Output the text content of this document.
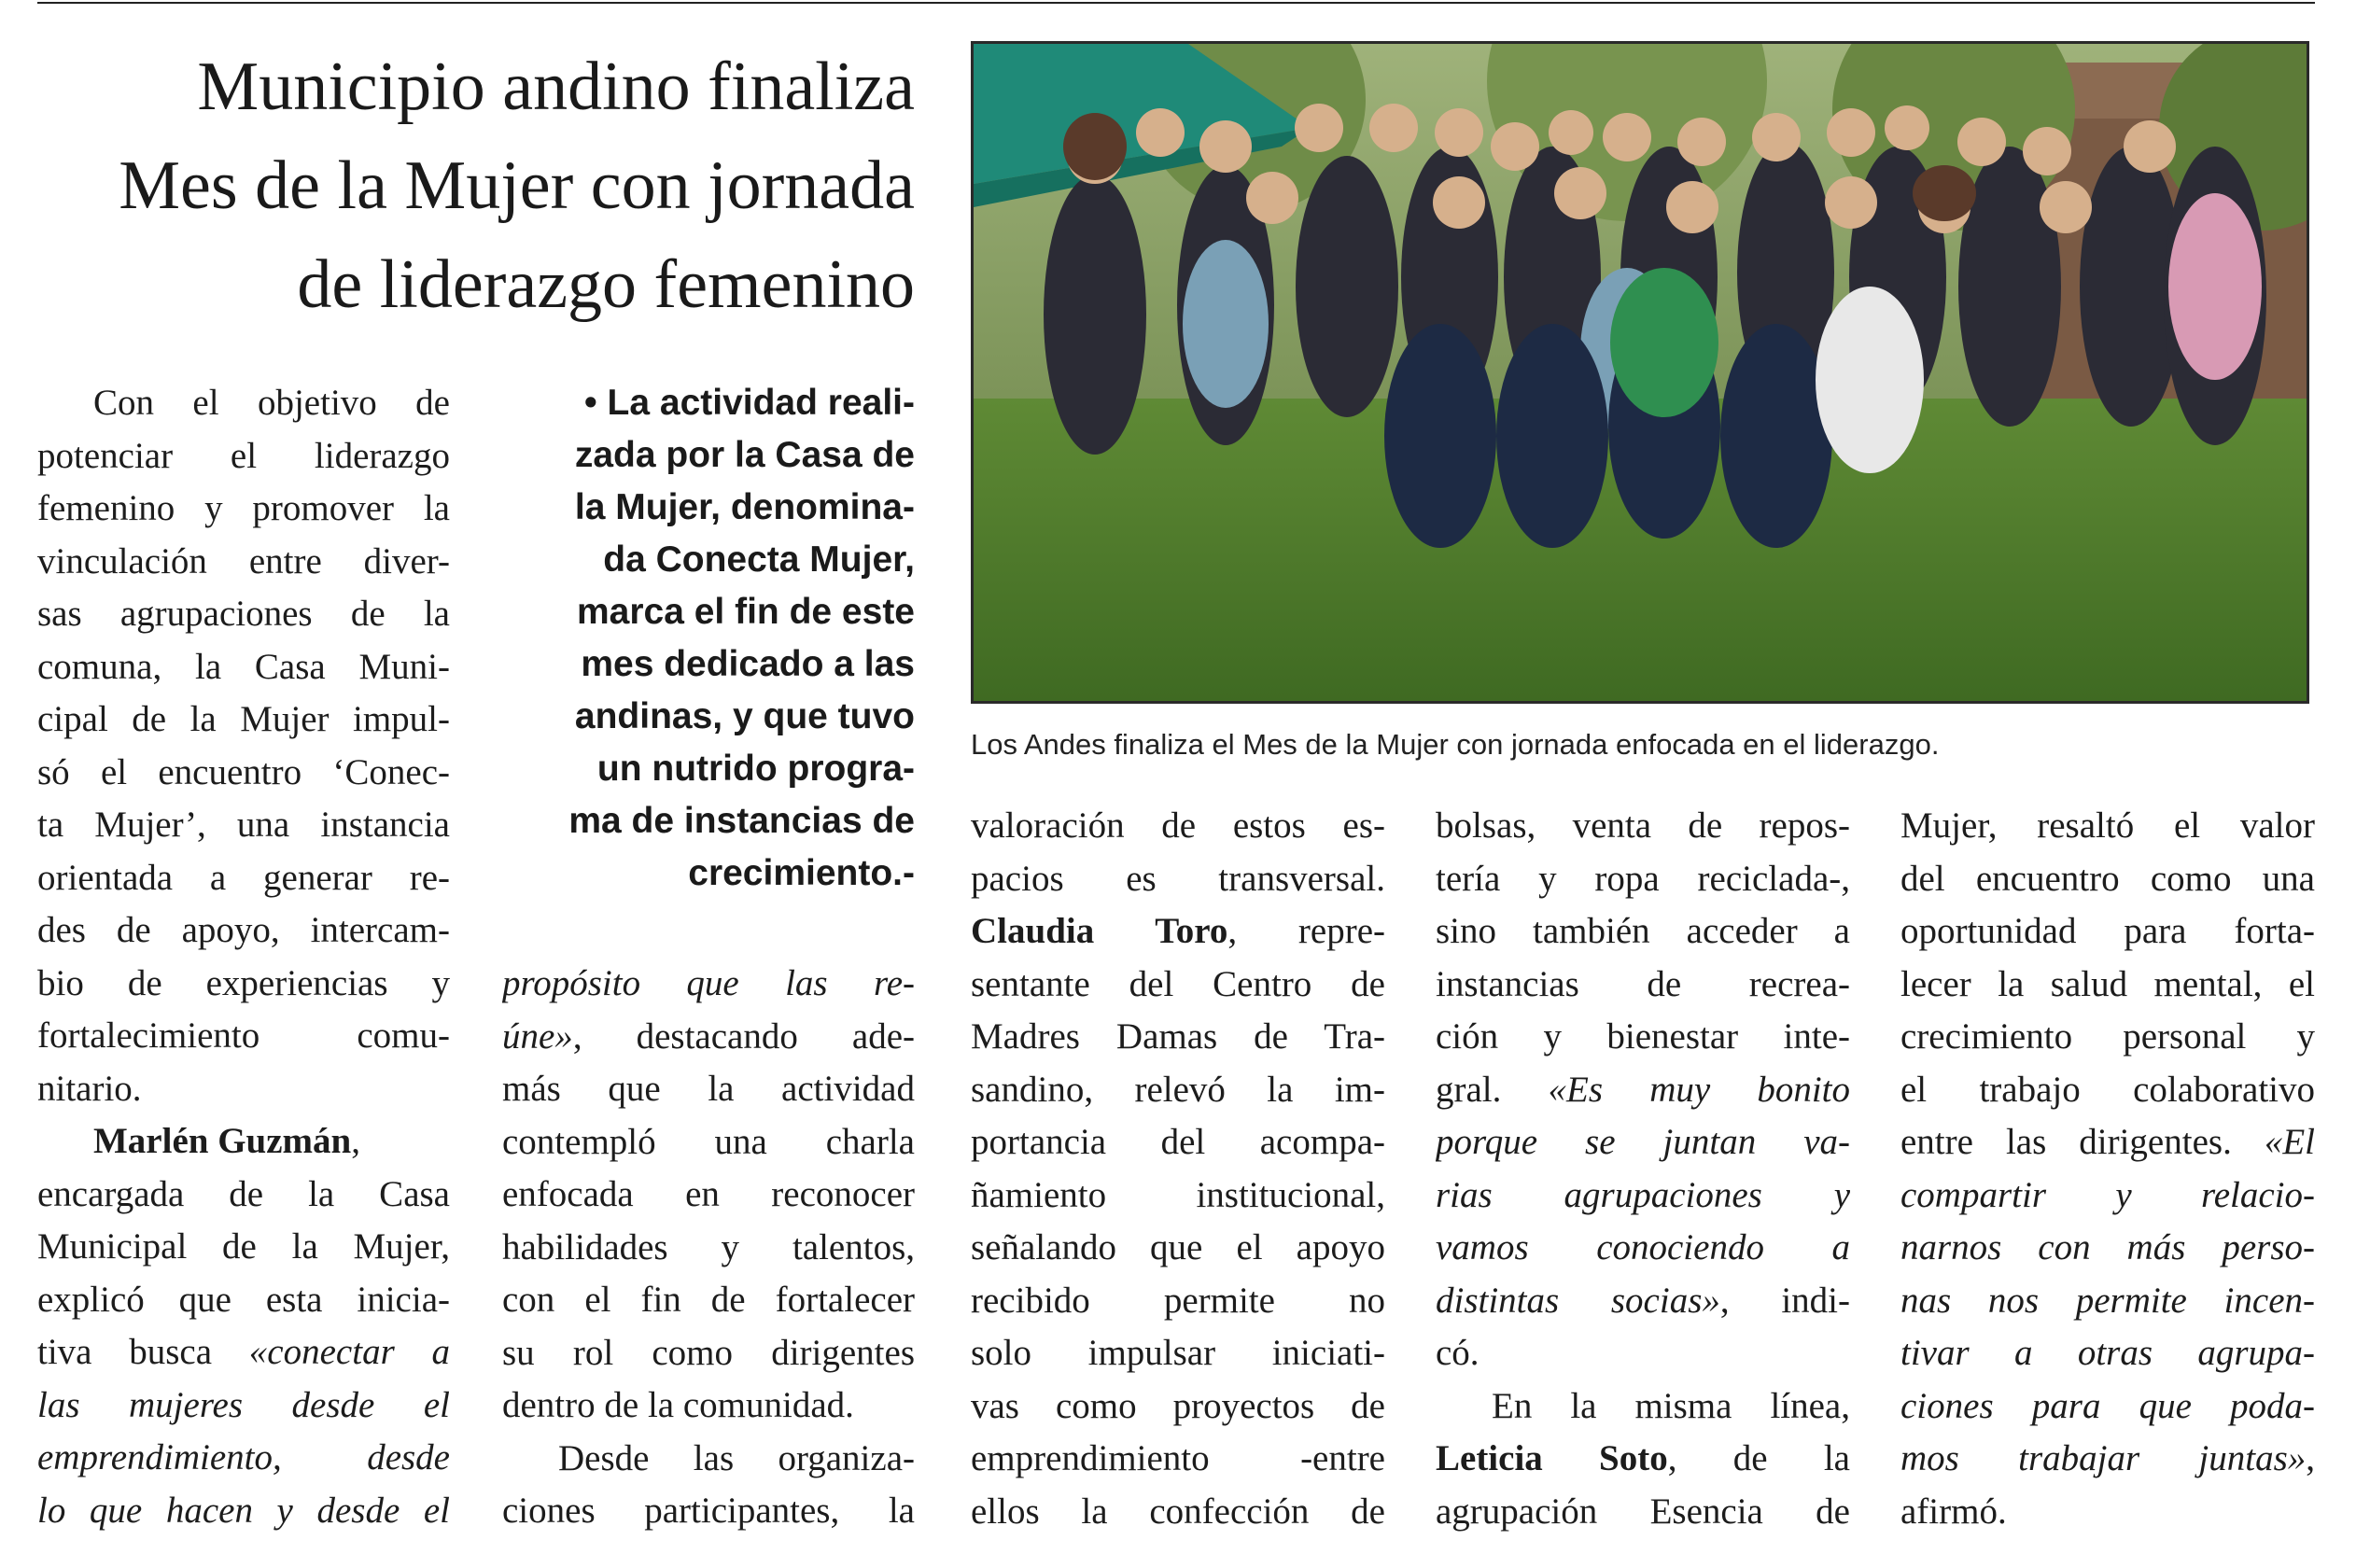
Municipio andino finaliza
Mes de la Mujer con jornada
de liderazgo femenino
Los Andes finaliza el Mes de la Mujer con jornada enfocada en el liderazgo.
Con el objetivo de
potenciar el liderazgo
femenino y promover la
vinculación entre diver-
sas agrupaciones de la
comuna, la Casa Muni-
cipal de la Mujer impul-
só el encuentro ‘Conec-
ta Mujer’, una instancia
orientada a generar re-
des de apoyo, intercam-
bio de experiencias y
fortalecimiento comu-
nitario.
Marlén Guzmán,
encargada de la Casa
Municipal de la Mujer,
explicó que esta inicia-
tiva busca «conectar a
las mujeres desde el
emprendimiento, desde
lo que hacen y desde el
• La actividad reali-
zada por la Casa de
la Mujer, denomina-
da Conecta Mujer,
marca el fin de este
mes dedicado a las
andinas, y que tuvo
un nutrido progra-
ma de instancias de
crecimiento.-
propósito que las re-
úne», destacando ade-
más que la actividad
contempló una charla
enfocada en reconocer
habilidades y talentos,
con el fin de fortalecer
su rol como dirigentes
dentro de la comunidad.
Desde las organiza-
ciones participantes, la
valoración de estos es-
pacios es transversal.
Claudia Toro, repre-
sentante del Centro de
Madres Damas de Tra-
sandino, relevó la im-
portancia del acompa-
ñamiento institucional,
señalando que el apoyo
recibido permite no
solo impulsar iniciati-
vas como proyectos de
emprendimiento -entre
ellos la confección de
bolsas, venta de repos-
tería y ropa reciclada-,
sino también acceder a
instancias de recrea-
ción y bienestar inte-
gral. «Es muy bonito
porque se juntan va-
rias agrupaciones y
vamos conociendo a
distintas socias», indi-
có.
En la misma línea,
Leticia Soto, de la
agrupación Esencia de
Mujer, resaltó el valor
del encuentro como una
oportunidad para forta-
lecer la salud mental, el
crecimiento personal y
el trabajo colaborativo
entre las dirigentes. «El
compartir y relacio-
narnos con más perso-
nas nos permite incen-
tivar a otras agrupa-
ciones para que poda-
mos trabajar juntas»,
afirmó.
